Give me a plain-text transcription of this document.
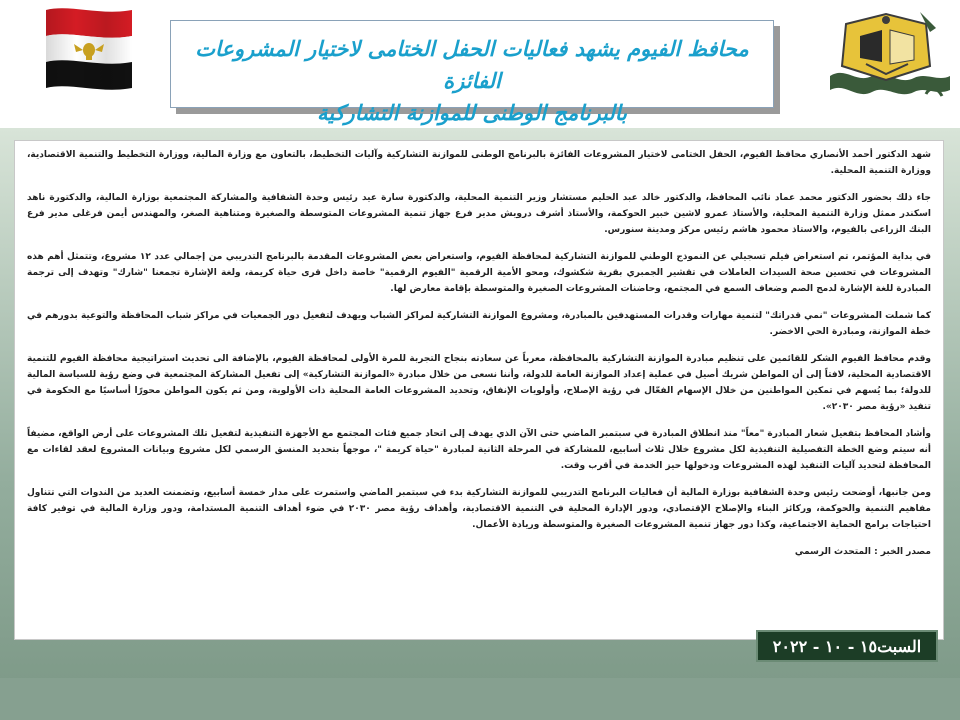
محافظ الفيوم يشهد فعاليات الحفل الختامى لاختيار المشروعات الفائزة
بالبرنامج الوطنى للموازنة التشاركية

شهد الدكتور أحمد الأنصاري محافظ الفيوم، الحفل الختامى لاختيار المشروعات الفائزة بالبرنامج الوطنى للموازنة التشاركية وآليات التخطيط، بالتعاون مع وزارة المالية، ووزارة التخطيط والتنمية الاقتصادية، ووزارة التنمية المحلية.

جاء ذلك بحضور الدكتور محمد عماد نائب المحافظ، والدكتور خالد عبد الحليم مستشار وزير التنمية المحلية، والدكتورة سارة عيد رئيس وحدة الشفافية والمشاركة المجتمعية بوزارة المالية، والدكتورة ناهد اسكندر ممثل وزارة التنمية المحلية، والأستاذ عمرو لاشين خبير الحوكمة، والأستاذ أشرف درويش مدير فرع جهاز تنمية المشروعات المتوسطة والصغيرة ومتناهية الصغر، والمهندس أيمن فرغلى مدير فرع البنك الزراعى بالفيوم، والاستاذ محمود هاشم رئيس مركز ومدينة سنورس.

في بداية المؤتمر، تم استعراض فيلم تسجيلي عن النموذج الوطني للموازنة التشاركية لمحافظة الفيوم، واستعراض بعض المشروعات المقدمة بالبرنامج التدريبي من إجمالي عدد ١٢ مشروع، وتتمثل أهم هذه المشروعات في تحسين صحة السيدات العاملات في تقشير الجمبري بقرية شكشوك، ومحو الأمية الرقمية "الفيوم الرقمية" خاصة داخل قرى حياة كريمة، ولغة الإشارة تجمعنا "شارك" وتهدف إلى ترجمة المبادرة للغة الإشارة لدمج الصم وضعاف السمع في المجتمع، وحاضنات المشروعات الصغيرة والمتوسطة بإقامة معارض لها.

كما شملت المشروعات "نمي قدراتك" لتنمية مهارات وقدرات المستهدفين بالمبادرة، ومشروع الموازنة التشاركية لمراكز الشباب ويهدف لتفعيل دور الجمعيات في مراكز شباب المحافظة والتوعية بدورهم في خطة الموازنة، ومبادرة الحي الاخضر.

وقدم محافظ الفيوم الشكر للقائمين على تنظيم مبادرة الموازنة التشاركية بالمحافظة، معرباً عن سعادته بنجاح التجربة للمرة الأولى لمحافظة الفيوم، بالإضافة الى تحديث استراتيجية محافظة الفيوم للتنمية الاقتصادية المحلية، لافتاً إلى أن المواطن شريك أصيل في عملية إعداد الموازنة العامة للدولة، وأننا نسعى من خلال مبادرة «الموازنة التشاركية» إلى تفعيل المشاركة المجتمعية في وضع رؤية للسياسة المالية للدولة؛ بما يُسهم في تمكين المواطنين من خلال الإسهام الفعّال في رؤية الإصلاح، وأولويات الإنفاق، وتحديد المشروعات العامة المحلية ذات الأولوية، ومن ثم يكون المواطن محورًا أساسيًا مع الحكومة في تنفيذ «رؤية مصر ٢٠٣٠».

وأشاد المحافظ بتفعيل شعار المبادرة "معاً" منذ انطلاق المبادرة في سبتمبر الماضي حتى الآن الذي يهدف إلى اتحاد جميع فئات المجتمع مع الأجهزة التنفيذية لتفعيل تلك المشروعات على أرض الواقع، مضيفاً أنه سيتم وضع الخطة التفصيلية التنفيذية لكل مشروع خلال ثلاث أسابيع، للمشاركة في المرحلة الثانية لمبادرة "حياة كريمة "، موجهاً بتحديد المنسق الرسمي لكل مشروع وبيانات المشروع لعقد لقاءات مع المحافظة لتحديد آليات التنفيذ لهذه المشروعات ودخولها حيز الخدمة في أقرب وقت.

ومن جانبها، أوضحت رئيس وحدة الشفافية بوزارة المالية أن فعاليات البرنامج التدريبي للموازنة التشاركية بدء في سبتمبر الماضي واستمرت على مدار خمسة أسابيع، وتضمنت العديد من الندوات التي تتناول مفاهيم التنمية والحوكمة، وركائز البناء والإصلاح الإقتصادي، ودور الإدارة المحلية في التنمية الاقتصادية، وأهداف رؤية مصر ٢٠٣٠ في ضوء أهداف التنمية المستدامة، ودور وزارة المالية في توفير كافة احتياجات برامج الحماية الاجتماعية، وكذا دور جهاز تنمية المشروعات الصغيرة والمتوسطة وريادة الأعمال.

مصدر الخبر : المتحدث الرسمي

السبت١٥ - ١٠ - ٢٠٢٢
